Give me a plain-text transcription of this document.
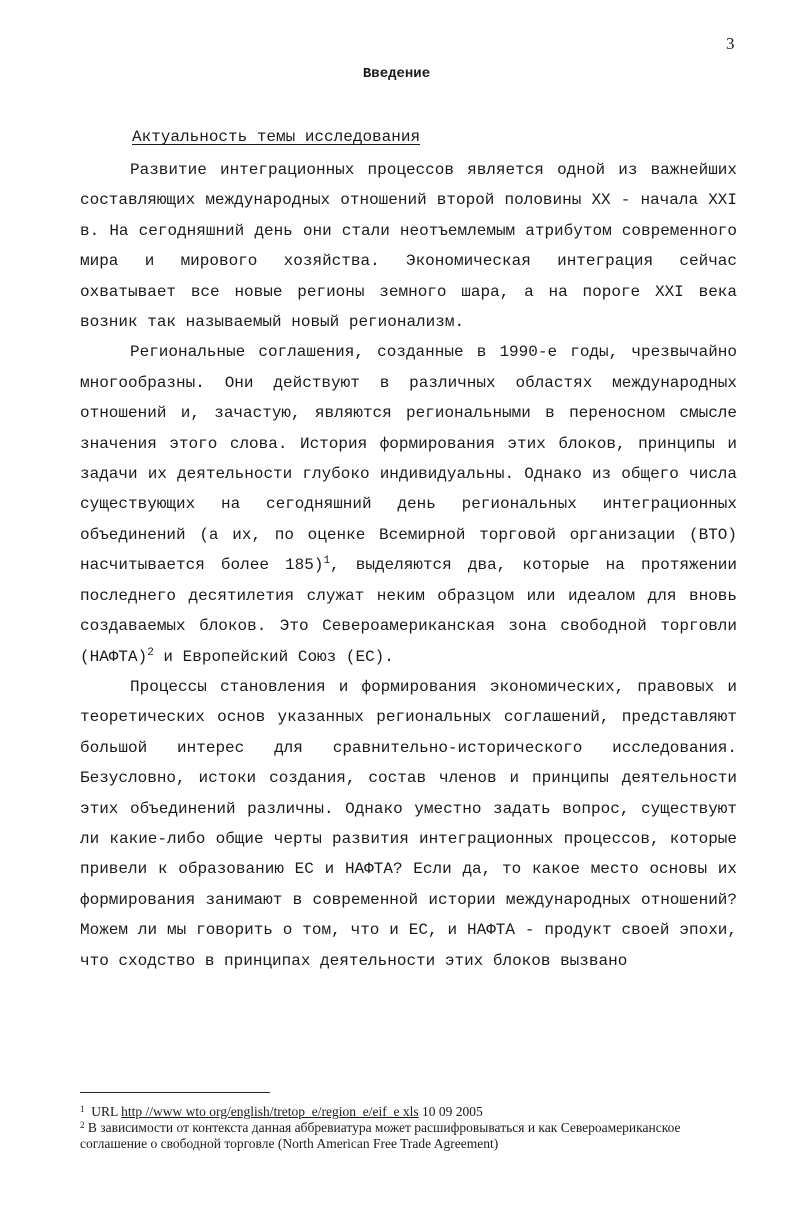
3
Введение
Актуальность темы исследования

Развитие интеграционных процессов является одной из важнейших составляющих международных отношений второй половины XX - начала XXI в. На сегодняшний день они стали неотъемлемым атрибутом современного мира и мирового хозяйства. Экономическая интеграция сейчас охватывает все новые регионы земного шара, а на пороге XXI века возник так называемый новый регионализм.

Региональные соглашения, созданные в 1990-е годы, чрезвычайно многообразны. Они действуют в различных областях международных отношений и, зачастую, являются региональными в переносном смысле значения этого слова. История формирования этих блоков, принципы и задачи их деятельности глубоко индивидуальны. Однако из общего числа существующих на сегодняшний день региональных интеграционных объединений (а их, по оценке Всемирной торговой организации (ВТО) насчитывается более 185)$^1$, выделяются два, которые на протяжении последнего десятилетия служат неким образцом или идеалом для вновь создаваемых блоков. Это Североамериканская зона свободной торговли (НАФТА)$^2$ и Европейский Союз (ЕС).

Процессы становления и формирования экономических, правовых и теоретических основ указанных региональных соглашений, представляют большой интерес для сравнительно-исторического исследования. Безусловно, истоки создания, состав членов и принципы деятельности этих объединений различны. Однако уместно задать вопрос, существуют ли какие-либо общие черты развития интеграционных процессов, которые привели к образованию ЕС и НАФТА? Если да, то какое место основы их формирования занимают в современной истории международных отношений? Можем ли мы говорить о том, что и ЕС, и НАФТА - продукт своей эпохи, что сходство в принципах деятельности этих блоков вызвано

$^1$ URL http //www wto org/english/tretop_e/region_e/eif_e xls 10 09 2005
$^2$ В зависимости от контекста данная аббревиатура может расшифровываться и как Североамериканское
соглашение о свободной торговле (North American Free Trade Agreement)
